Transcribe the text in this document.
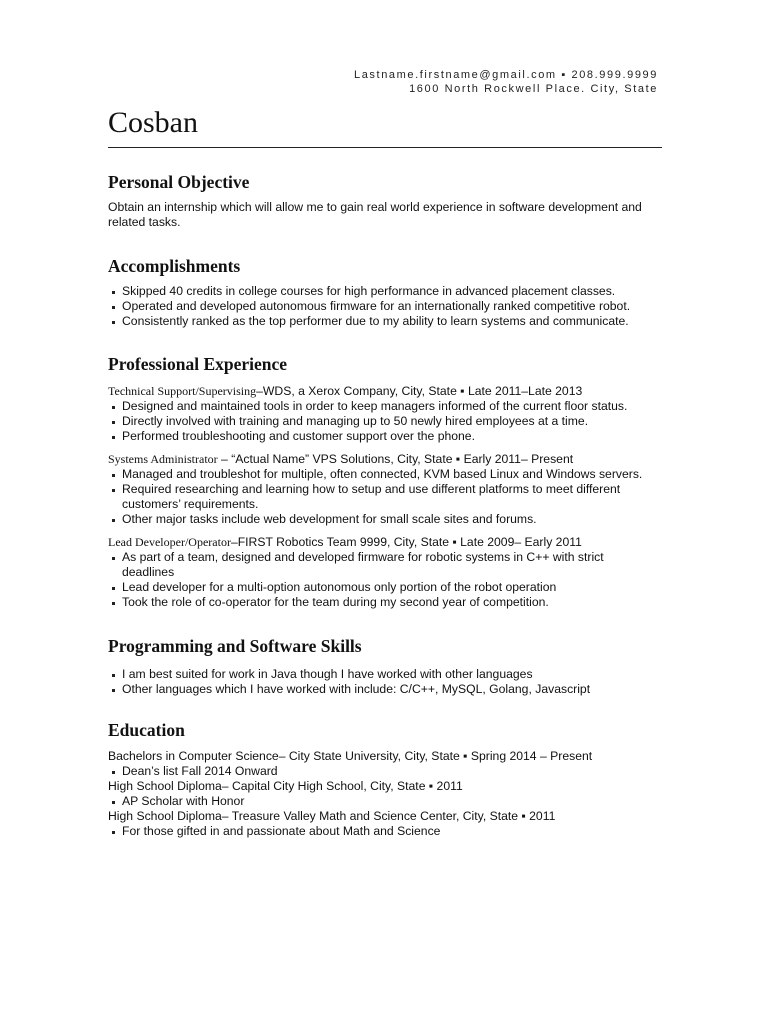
Lastname.firstname@gmail.com ▪ 208.999.9999
1600 North Rockwell Place. City, State
Cosban
Personal Objective

Obtain an internship which will allow me to gain real world experience in software development and related tasks.

Accomplishments
Skipped 40 credits in college courses for high performance in advanced placement classes.
Operated and developed autonomous firmware for an internationally ranked competitive robot.
Consistently ranked as the top performer due to my ability to learn systems and communicate.
Professional Experience
Technical Support/Supervising–WDS, a Xerox Company, City, State ▪ Late 2011–Late 2013
Designed and maintained tools in order to keep managers informed of the current floor status.
Directly involved with training and managing up to 50 newly hired employees at a time.
Performed troubleshooting and customer support over the phone.
Systems Administrator – “Actual Name” VPS Solutions, City, State ▪ Early 2011– Present
Managed and troubleshot for multiple, often connected, KVM based Linux and Windows servers.
Required researching and learning how to setup and use different platforms to meet different customers’ requirements.
Other major tasks include web development for small scale sites and forums.
Lead Developer/Operator–FIRST Robotics Team 9999, City, State ▪ Late 2009– Early 2011
As part of a team, designed and developed firmware for robotic systems in C++ with strict deadlines
Lead developer for a multi-option autonomous only portion of the robot operation
Took the role of co-operator for the team during my second year of competition.
Programming and Software Skills
I am best suited for work in Java though I have worked with other languages
Other languages which I have worked with include: C/C++, MySQL, Golang, Javascript
Education
Bachelors in Computer Science– City State University, City, State ▪ Spring 2014 – Present
Dean’s list Fall 2014 Onward
High School Diploma– Capital City High School, City, State ▪ 2011
AP Scholar with Honor
High School Diploma– Treasure Valley Math and Science Center, City, State ▪ 2011
For those gifted in and passionate about Math and Science
